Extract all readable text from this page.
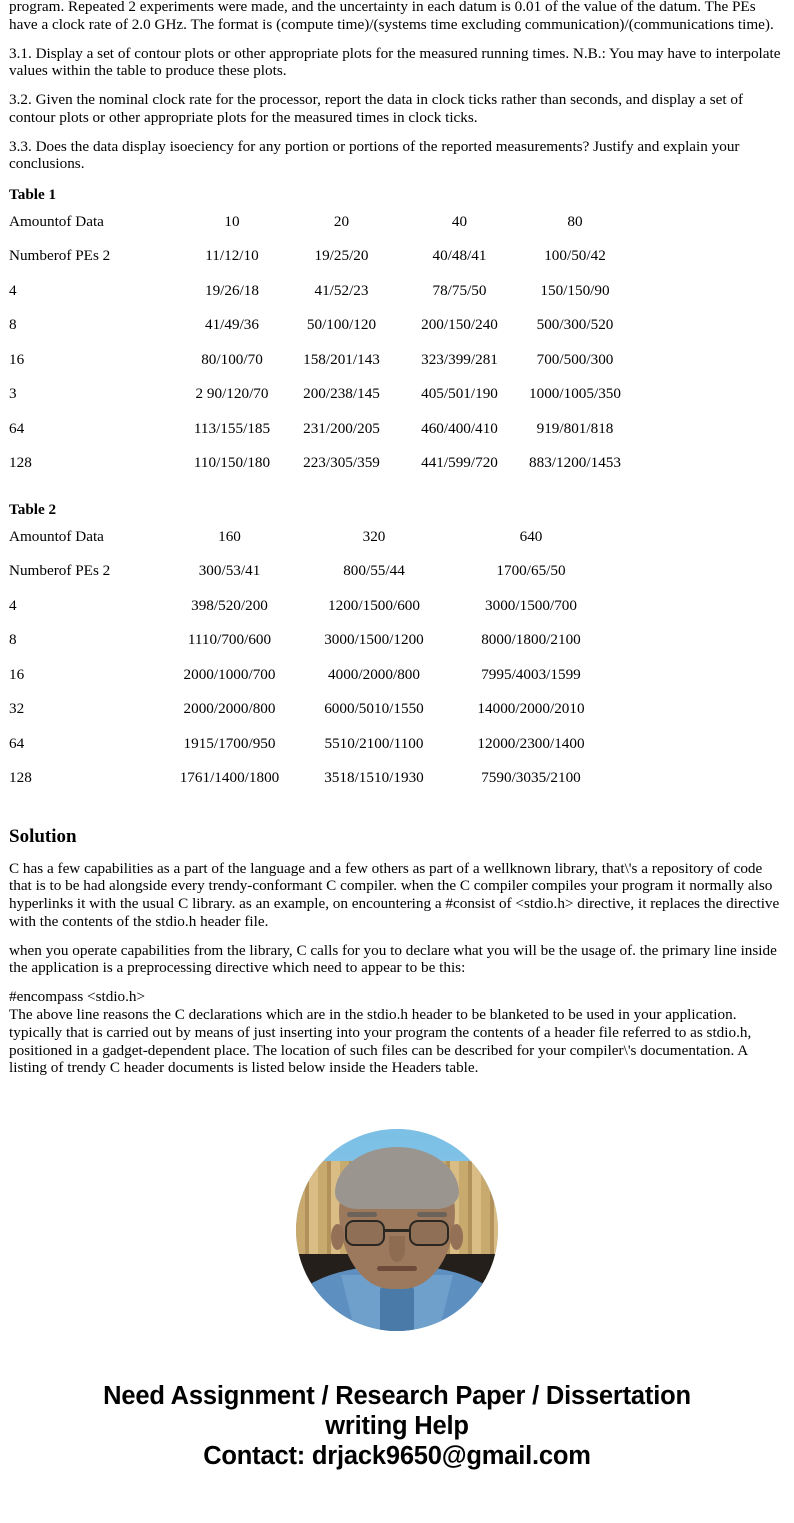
program. Repeated 2 experiments were made, and the uncertainty in each datum is 0.01 of the value of the datum. The PEs have a clock rate of 2.0 GHz. The format is (compute time)/(systems time excluding communication)/(communications time).

3.1. Display a set of contour plots or other appropriate plots for the measured running times. N.B.: You may have to interpolate values within the table to produce these plots.

3.2. Given the nominal clock rate for the processor, report the data in clock ticks rather than seconds, and display a set of contour plots or other appropriate plots for the measured times in clock ticks.

3.3. Does the data display isoeciency for any portion or portions of the reported measurements? Justify and explain your conclusions.

Table 1
Amountof Data	10	20	40	80
Numberof PEs 2	11/12/10	19/25/20	40/48/41	100/50/42
4	19/26/18	41/52/23	78/75/50	150/150/90
8	41/49/36	50/100/120	200/150/240	500/300/520
16	80/100/70	158/201/143	323/399/281	700/500/300
3	2 90/120/70	200/238/145	405/501/190	1000/1005/350
64	113/155/185	231/200/205	460/400/410	919/801/818
128	110/150/180	223/305/359	441/599/720	883/1200/1453
Table 2
Amountof Data	160	320	640
Numberof PEs 2	300/53/41	800/55/44	1700/65/50
4	398/520/200	1200/1500/600	3000/1500/700
8	1110/700/600	3000/1500/1200	8000/1800/2100
16	2000/1000/700	4000/2000/800	7995/4003/1599
32	2000/2000/800	6000/5010/1550	14000/2000/2010
64	1915/1700/950	5510/2100/1100	12000/2300/1400
128	1761/1400/1800	3518/1510/1930	7590/3035/2100
Solution

C has a few capabilities as a part of the language and a few others as part of a wellknown library, that\'s a repository of code that is to be had alongside every trendy-conformant C compiler. when the C compiler compiles your program it normally also hyperlinks it with the usual C library. as an example, on encountering a #consist of <stdio.h> directive, it replaces the directive with the contents of the stdio.h header file.

when you operate capabilities from the library, C calls for you to declare what you will be the usage of. the primary line inside the application is a preprocessing directive which need to appear to be this:

#encompass <stdio.h>

The above line reasons the C declarations which are in the stdio.h header to be blanketed to be used in your application. typically that is carried out by means of just inserting into your program the contents of a header file referred to as stdio.h, positioned in a gadget-dependent place. The location of such files can be described for your compiler\'s documentation. A listing of trendy C header documents is listed below inside the Headers table.

Need Assignment / Research Paper / Dissertation
writing Help
Contact: drjack9650@gmail.com
